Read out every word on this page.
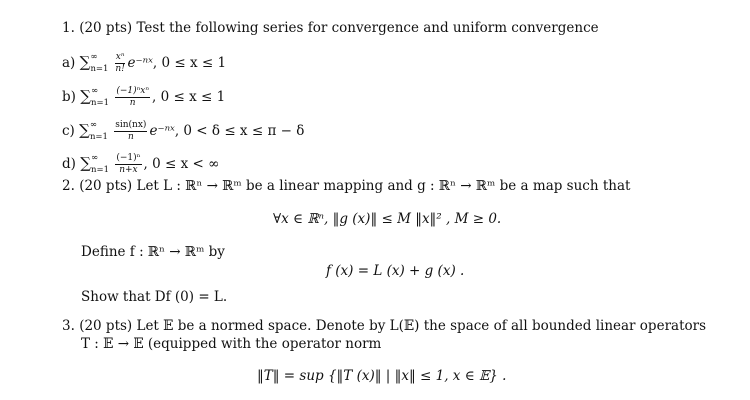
1. (20 pts) Test the following series for convergence and uniform convergence
a) $\sum^\infty_{n=1} \frac{\text{xⁿ}}{n!}$ e⁻ⁿˣ, 0 ≤ x ≤ 1
b) $\sum^\infty_{n=1} \frac{\text{(−1)ⁿxⁿ}}{n}$ , 0 ≤ x ≤ 1
c) $\sum^\infty_{n=1} \frac{\sin(nx)}{n}$ e⁻ⁿˣ, 0 < δ ≤ x ≤ π − δ
d) $\sum^\infty_{n=1} \frac{\text{(−1)ⁿ}}{n+x}$ , 0 ≤ x < ∞
2. (20 pts) Let L : ℝⁿ → ℝᵐ be a linear mapping and g : ℝⁿ → ℝᵐ be a map such that
∀x ∈ ℝⁿ, ‖g (x)‖ ≤ M ‖x‖² , M ≥ 0.
Define f : ℝⁿ → ℝᵐ by
f (x) = L (x) + g (x) .
Show that Df (0) = L.
3. (20 pts) Let 𝔼 be a normed space. Denote by L(𝔼) the space of all bounded linear operators
T : 𝔼 → 𝔼 (equipped with the operator norm
‖T‖ = sup {‖T (x)‖ | ‖x‖ ≤ 1, x ∈ 𝔼} .
